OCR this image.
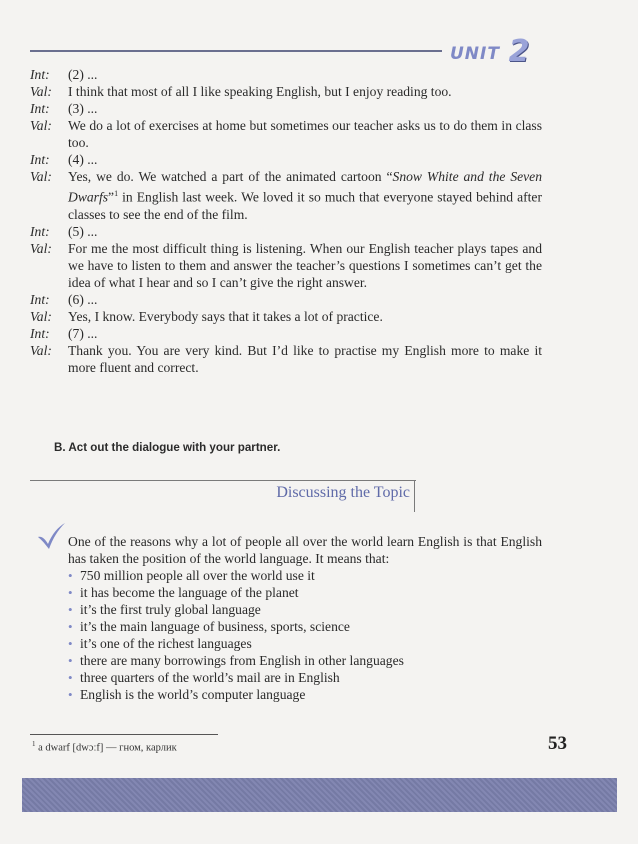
UNIT 2
Int:	(2) ...
Val:	I think that most of all I like speaking English, but I enjoy reading too.
Int:	(3) ...
Val:	We do a lot of exercises at home but sometimes our teacher asks us to do them in class too.
Int:	(4) ...
Val:	Yes, we do. We watched a part of the animated cartoon “Snow White and the Seven Dwarfs”$^1$ in English last week. We loved it so much that everyone stayed behind after classes to see the end of the film.
Int:	(5) ...
Val:	For me the most difficult thing is listening. When our English teacher plays tapes and we have to listen to them and answer the teacher’s questions I sometimes can’t get the idea of what I hear and so I can’t give the right answer.
Int:	(6) ...
Val:	Yes, I know. Everybody says that it takes a lot of practice.
Int:	(7) ...
Val:	Thank you. You are very kind. But I’d like to practise my English more to make it more fluent and correct.
B. Act out the dialogue with your partner.
Discussing the Topic
One of the reasons why a lot of people all over the world learn English is that English has taken the position of the world language. It means that:
• 750 million people all over the world use it
• it has become the language of the planet
• it’s the first truly global language
• it’s the main language of business, sports, science
• it’s one of the richest languages
• there are many borrowings from English in other languages
• three quarters of the world’s mail are in English
• English is the world’s computer language
$^1$ a dwarf [dwɔːf] — гном, карлик	53
